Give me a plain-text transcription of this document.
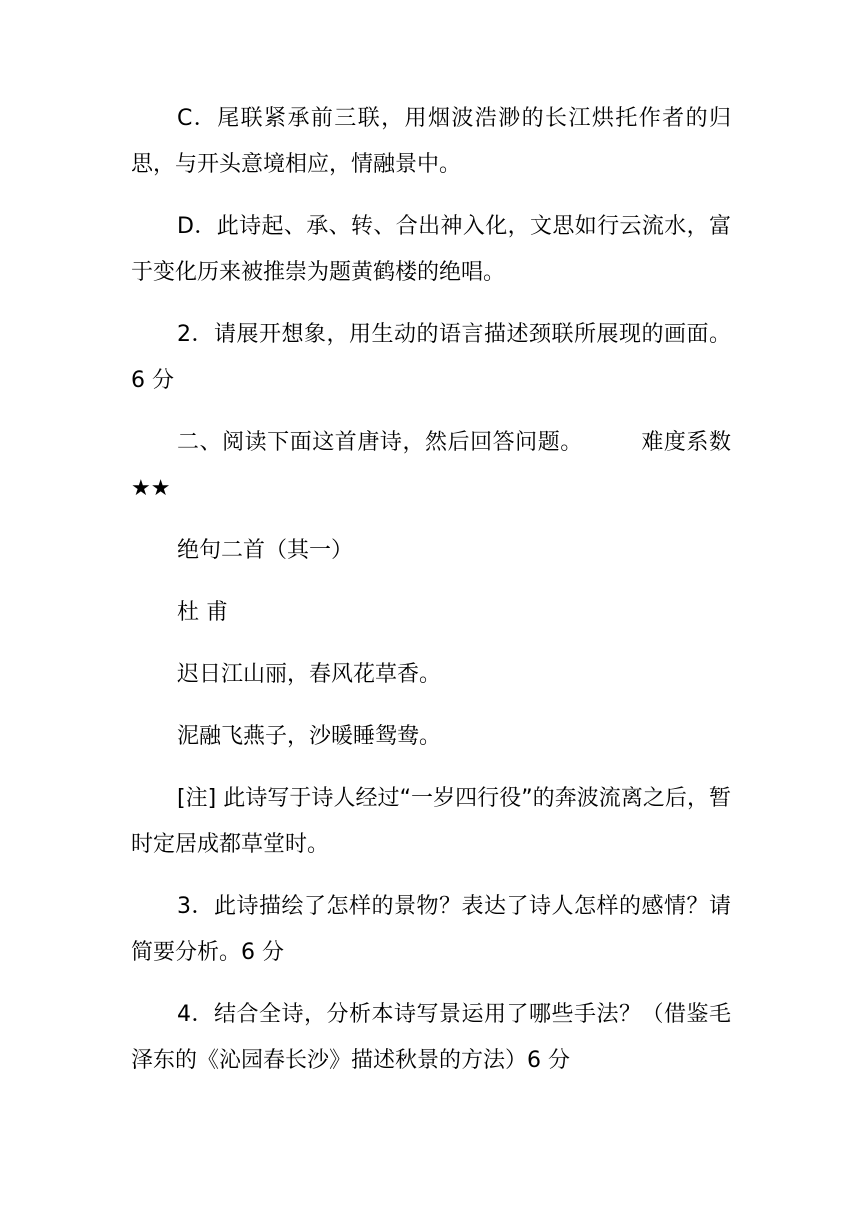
C．尾联紧承前三联，用烟波浩渺的长江烘托作者的归思，与开头意境相应，情融景中。

D．此诗起、承、转、合出神入化，文思如行云流水，富于变化历来被推崇为题黄鹤楼的绝唱。

2．请展开想象，用生动的语言描述颈联所展现的画面。6 分

二、阅读下面这首唐诗，然后回答问题。	难度系数★★

绝句二首（其一）
杜 甫
迟日江山丽，春风花草香。
泥融飞燕子，沙暖睡鸳鸯。

[注] 此诗写于诗人经过“一岁四行役”的奔波流离之后，暂时定居成都草堂时。

3．此诗描绘了怎样的景物？表达了诗人怎样的感情？请简要分析。6 分

4．结合全诗，分析本诗写景运用了哪些手法？（借鉴毛泽东的《沁园春长沙》描述秋景的方法）6 分
